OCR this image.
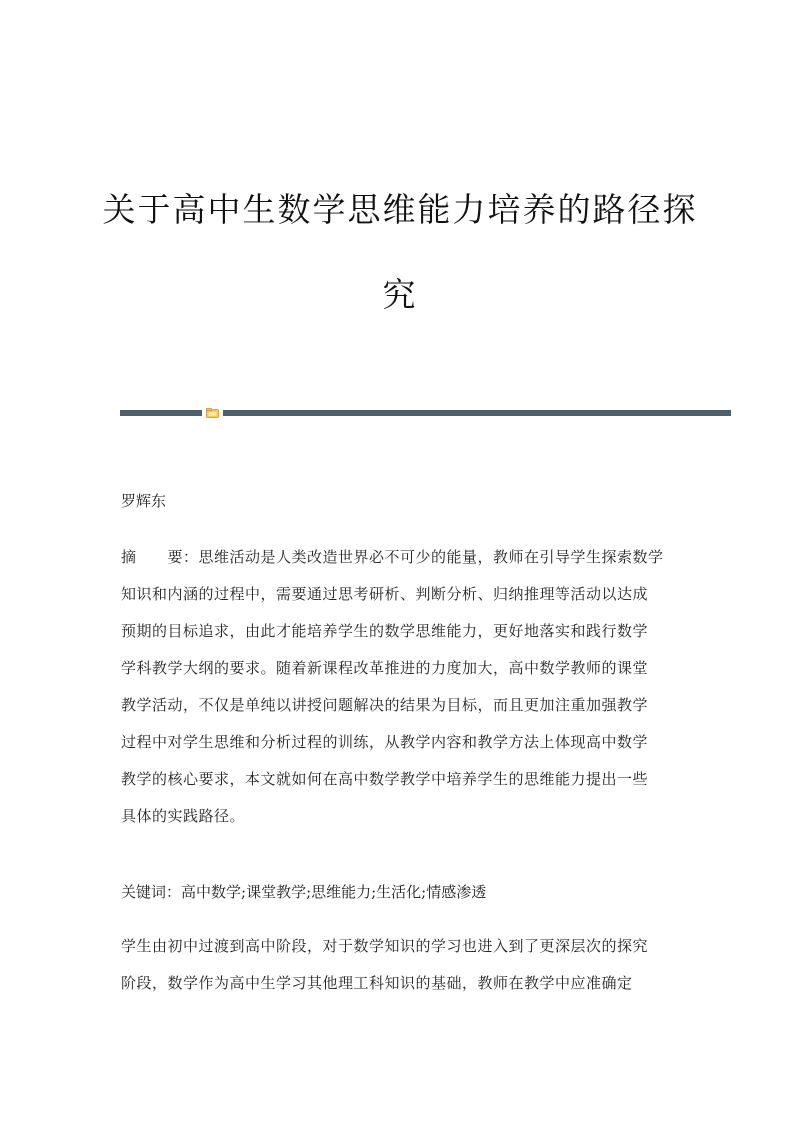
关于高中生数学思维能力培养的路径探
究
罗辉东
摘　　要：思维活动是人类改造世界必不可少的能量，教师在引导学生探索数学
知识和内涵的过程中，需要通过思考研析、判断分析、归纳推理等活动以达成
预期的目标追求，由此才能培养学生的数学思维能力，更好地落实和践行数学
学科教学大纲的要求。随着新课程改革推进的力度加大，高中数学教师的课堂
教学活动，不仅是单纯以讲授问题解决的结果为目标，而且更加注重加强教学
过程中对学生思维和分析过程的训练，从教学内容和教学方法上体现高中数学
教学的核心要求，本文就如何在高中数学教学中培养学生的思维能力提出一些
具体的实践路径。
关键词：高中数学;课堂教学;思维能力;生活化;情感渗透
学生由初中过渡到高中阶段，对于数学知识的学习也进入到了更深层次的探究
阶段，数学作为高中生学习其他理工科知识的基础，教师在教学中应准确定
